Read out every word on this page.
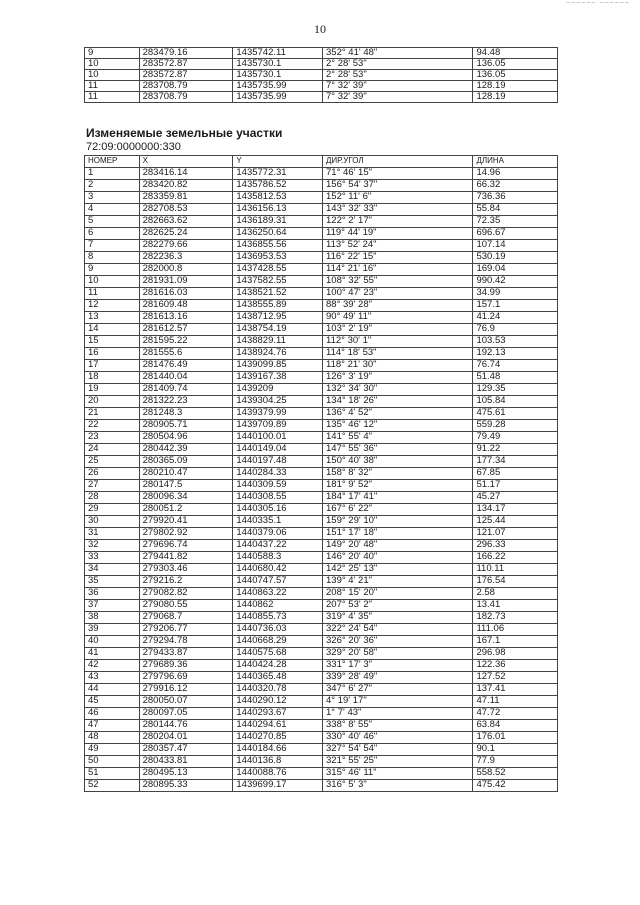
~~~~~~ ~~~~~~
10
9	283479.16	1435742.11	352° 41' 48"	94.48
10	283572.87	1435730.1	2° 28' 53"	136.05
10	283572.87	1435730.1	2° 28' 53"	136.05
11	283708.79	1435735.99	7° 32' 39"	128.19
11	283708.79	1435735.99	7° 32' 39"	128.19
Изменяемые земельные участки
72:09:0000000:330
НОМЕР	X	Y	ДИР.УГОЛ	ДЛИНА
1	283416.14	1435772.31	71° 46' 15"	14.96
2	283420.82	1435786.52	156° 54' 37"	66.32
3	283359.81	1435812.53	152° 11' 6"	736.36
4	282708.53	1436156.13	143° 32' 33"	55.84
5	282663.62	1436189.31	122° 2' 17"	72.35
6	282625.24	1436250.64	119° 44' 19"	696.67
7	282279.66	1436855.56	113° 52' 24"	107.14
8	282236.3	1436953.53	116° 22' 15"	530.19
9	282000.8	1437428.55	114° 21' 16"	169.04
10	281931.09	1437582.55	108° 32' 55"	990.42
11	281616.03	1438521.52	100° 47' 23"	34.99
12	281609.48	1438555.89	88° 39' 28"	157.1
13	281613.16	1438712.95	90° 49' 11"	41.24
14	281612.57	1438754.19	103° 2' 19"	76.9
15	281595.22	1438829.11	112° 30' 1"	103.53
16	281555.6	1438924.76	114° 18' 53"	192.13
17	281476.49	1439099.85	118° 21' 30"	76.74
18	281440.04	1439167.38	126° 3' 19"	51.48
19	281409.74	1439209	132° 34' 30"	129.35
20	281322.23	1439304.25	134° 18' 26"	105.84
21	281248.3	1439379.99	136° 4' 52"	475.61
22	280905.71	1439709.89	135° 46' 12"	559.28
23	280504.96	1440100.01	141° 55' 4"	79.49
24	280442.39	1440149.04	147° 55' 36"	91.22
25	280365.09	1440197.48	150° 40' 38"	177.34
26	280210.47	1440284.33	158° 8' 32"	67.85
27	280147.5	1440309.59	181° 9' 52"	51.17
28	280096.34	1440308.55	184° 17' 41"	45.27
29	280051.2	1440305.16	167° 6' 22"	134.17
30	279920.41	1440335.1	159° 29' 10"	125.44
31	279802.92	1440379.06	151° 17' 18"	121.07
32	279696.74	1440437.22	149° 20' 48"	296.33
33	279441.82	1440588.3	146° 20' 40"	166.22
34	279303.46	1440680.42	142° 25' 13"	110.11
35	279216.2	1440747.57	139° 4' 21"	176.54
36	279082.82	1440863.22	208° 15' 20"	2.58
37	279080.55	1440862	207° 53' 2"	13.41
38	279068.7	1440855.73	319° 4' 35"	182.73
39	279206.77	1440736.03	322° 24' 54"	111.06
40	279294.78	1440668.29	326° 20' 36"	167.1
41	279433.87	1440575.68	329° 20' 58"	296.98
42	279689.36	1440424.28	331° 17' 3"	122.36
43	279796.69	1440365.48	339° 28' 49"	127.52
44	279916.12	1440320.78	347° 6' 27"	137.41
45	280050.07	1440290.12	4° 19' 17"	47.11
46	280097.05	1440293.67	1° 7' 43"	47.72
47	280144.76	1440294.61	338° 8' 55"	63.84
48	280204.01	1440270.85	330° 40' 46"	176.01
49	280357.47	1440184.66	327° 54' 54"	90.1
50	280433.81	1440136.8	321° 55' 25"	77.9
51	280495.13	1440088.76	315° 46' 11"	558.52
52	280895.33	1439699.17	316° 5' 3"	475.42
